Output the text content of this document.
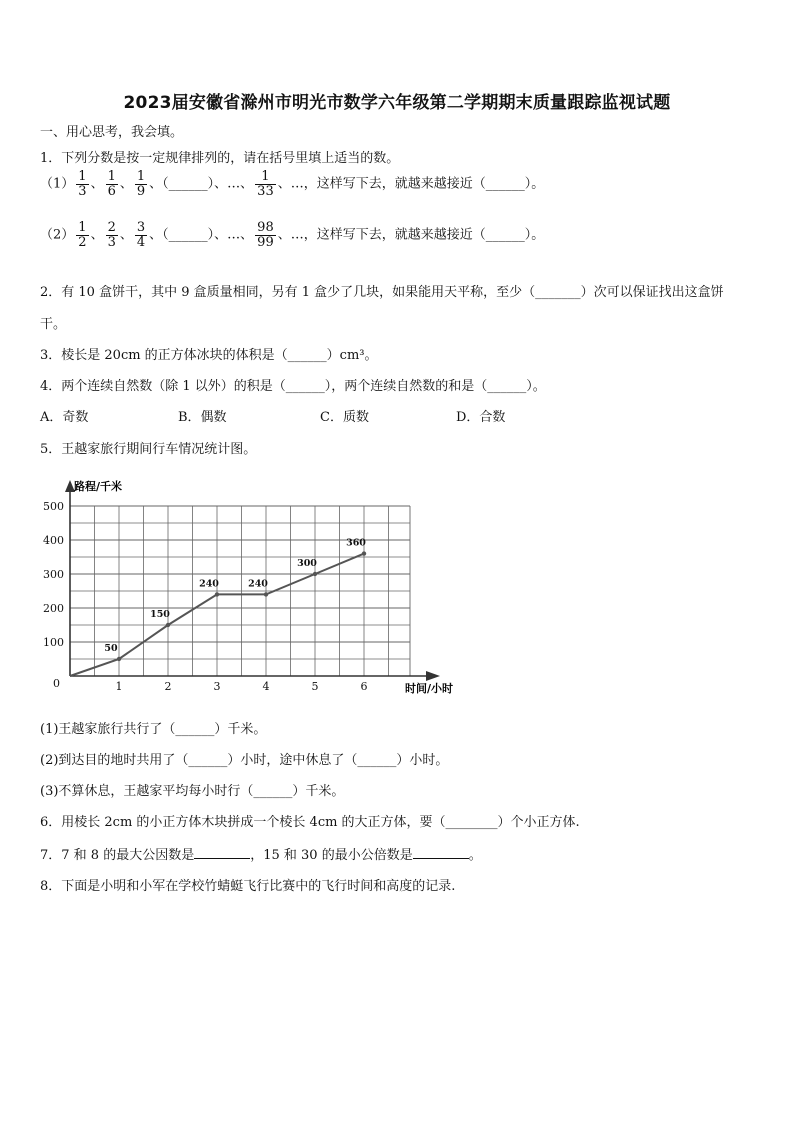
2023届安徽省滁州市明光市数学六年级第二学期期末质量跟踪监视试题
一、用心思考，我会填。
1．下列分数是按一定规律排列的，请在括号里填上适当的数。
$(1) \frac{1}{3}$ 、 $\frac{1}{6}$ 、 $\frac{1}{9}$ 、（______）、…、 $\frac{1}{33}$ 、…，这样写下去，就越来越接近（______）。
$(2) \frac{1}{2}$ 、 $\frac{2}{3}$ 、 $\frac{3}{4}$ 、（______）、…、 $\frac{98}{99}$ 、…，这样写下去，就越来越接近（______）。
2．有 10 盒饼干，其中 9 盒质量相同，另有 1 盒少了几块，如果能用天平称，至少（_______）次可以保证找出这盒饼
干。
3．棱长是 20cm 的正方体冰块的体积是（______）cm³。
4．两个连续自然数（除 1 以外）的积是（______），两个连续自然数的和是（______）。
A．奇数	B．偶数	C．质数	D．合数
5．王越家旅行期间行车情况统计图。
0
100
200
300
400
500
1	2	3	4	5	6
50
150
240	240
300
360
路程/千米
时间/小时
(1)王越家旅行共行了（______）千米。
(2)到达目的地时共用了（______）小时，途中休息了（______）小时。
(3)不算休息，王越家平均每小时行（______）千米。
6．用棱长 2cm 的小正方体木块拼成一个棱长 4cm 的大正方体，要（________）个小正方体.
7．7 和 8 的最大公因数是	，15 和 30 的最小公倍数是	。
8．下面是小明和小军在学校竹蜻蜓飞行比赛中的飞行时间和高度的记录.
